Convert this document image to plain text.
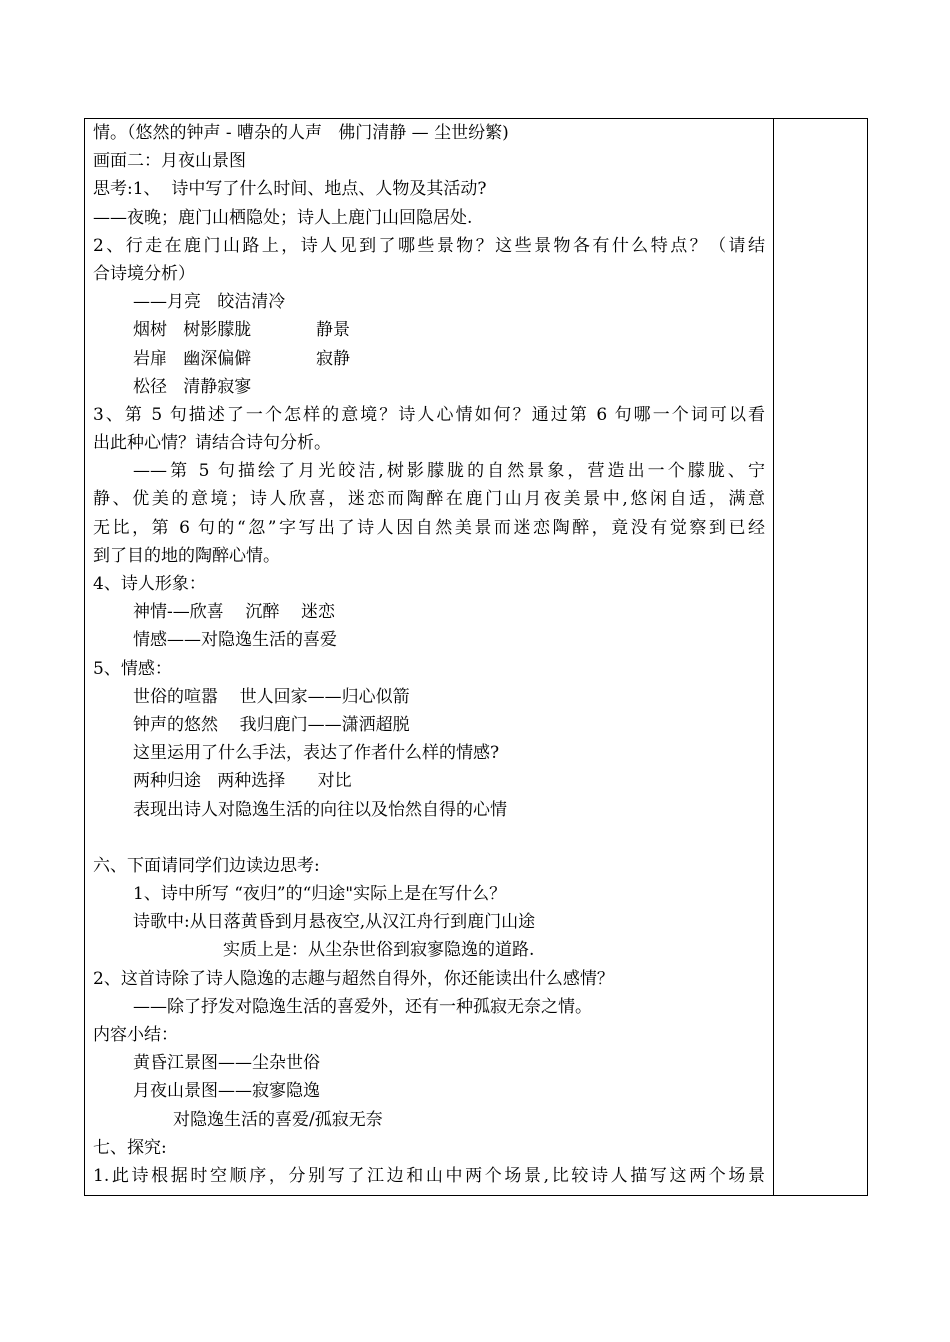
情。（悠然的钟声 - 嘈杂的人声   佛门清静 — 尘世纷繁)
画面二：月夜山景图
思考:1、  诗中写了什么时间、地点、人物及其活动?
——夜晚；鹿门山栖隐处；诗人上鹿门山回隐居处.
2、行走在鹿门山路上，诗人见到了哪些景物？这些景物各有什么特点？（请结
合诗境分析）
——月亮   皎洁清冷
烟树   树影朦胧            静景
岩扉   幽深偏僻            寂静
松径   清静寂寥
3、第 5 句描述了一个怎样的意境？诗人心情如何？通过第 6 句哪一个词可以看
出此种心情？请结合诗句分析。
——第 5 句描绘了月光皎洁,树影朦胧的自然景象，营造出一个朦胧、宁
静、优美的意境；诗人欣喜，迷恋而陶醉在鹿门山月夜美景中,悠闲自适，满意
无比，第 6 句的“忽”字写出了诗人因自然美景而迷恋陶醉，竟没有觉察到已经
到了目的地的陶醉心情。
4、诗人形象：
神情-—欣喜    沉醉    迷恋
情感——对隐逸生活的喜爱
5、情感：
世俗的喧嚣    世人回家——归心似箭
钟声的悠然    我归鹿门——潇洒超脱
这里运用了什么手法，表达了作者什么样的情感?
两种归途   两种选择      对比
表现出诗人对隐逸生活的向往以及怡然自得的心情
六、下面请同学们边读边思考:
1、诗中所写 “夜归”的“归途"实际上是在写什么？
诗歌中:从日落黄昏到月悬夜空,从汉江舟行到鹿门山途
实质上是：从尘杂世俗到寂寥隐逸的道路.
2、这首诗除了诗人隐逸的志趣与超然自得外，你还能读出什么感情？
——除了抒发对隐逸生活的喜爱外，还有一种孤寂无奈之情。
内容小结：
黄昏江景图——尘杂世俗
月夜山景图——寂寥隐逸
对隐逸生活的喜爱/孤寂无奈
七、探究:
1.此诗根据时空顺序，分别写了江边和山中两个场景,比较诗人描写这两个场景
